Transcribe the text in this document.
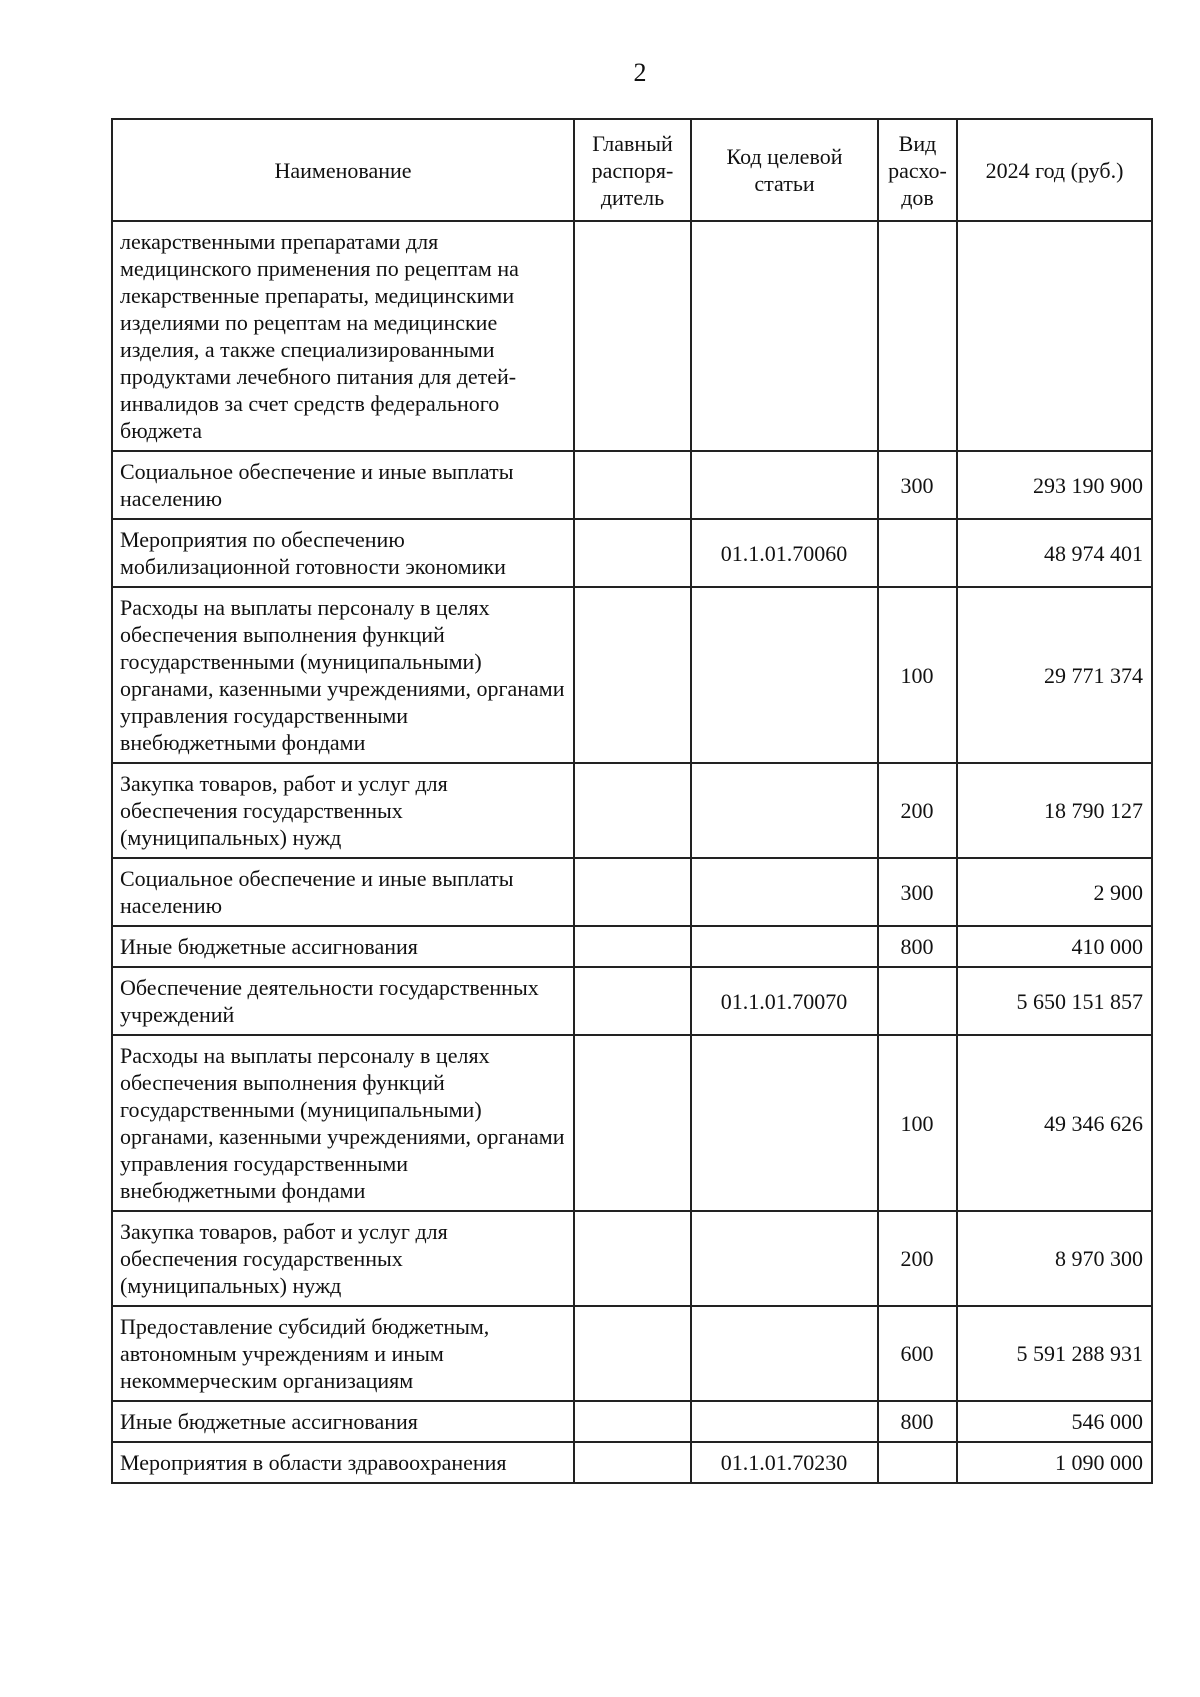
2
Наименование	Главный распоря-дитель	Код целевой статьи	Вид расхо-дов	2024 год (руб.)
лекарственными препаратами для медицинского применения по рецептам на лекарственные препараты, медицинскими изделиями по рецептам на медицинские изделия, а также специализированными продуктами лечебного питания для детей-инвалидов за счет средств федерального бюджета				
Социальное обеспечение и иные выплаты населению			300	293 190 900
Мероприятия по обеспечению мобилизационной готовности экономики		01.1.01.70060		48 974 401
Расходы на выплаты персоналу в целях обеспечения выполнения функций государственными (муниципальными) органами, казенными учреждениями, органами управления государственными внебюджетными фондами			100	29 771 374
Закупка товаров, работ и услуг для обеспечения государственных (муниципальных) нужд			200	18 790 127
Социальное обеспечение и иные выплаты населению			300	2 900
Иные бюджетные ассигнования			800	410 000
Обеспечение деятельности государственных учреждений		01.1.01.70070		5 650 151 857
Расходы на выплаты персоналу в целях обеспечения выполнения функций государственными (муниципальными) органами, казенными учреждениями, органами управления государственными внебюджетными фондами			100	49 346 626
Закупка товаров, работ и услуг для обеспечения государственных (муниципальных) нужд			200	8 970 300
Предоставление субсидий бюджетным, автономным учреждениям и иным некоммерческим организациям			600	5 591 288 931
Иные бюджетные ассигнования			800	546 000
Мероприятия в области здравоохранения		01.1.01.70230		1 090 000
